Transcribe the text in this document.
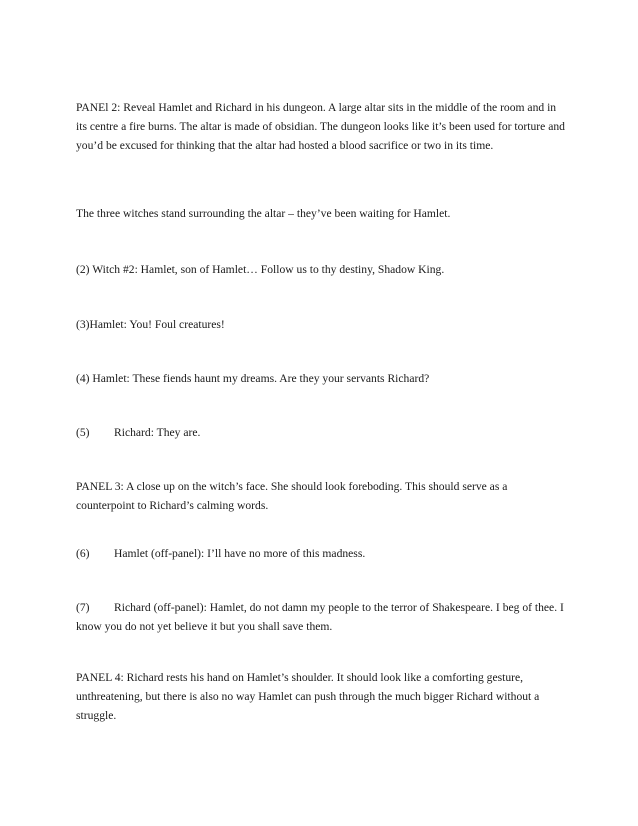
PANEl 2: Reveal Hamlet and Richard in his dungeon. A large altar sits in the middle of the room and in its centre a fire burns. The altar is made of obsidian. The dungeon looks like it’s been used for torture and you’d be excused for thinking that the altar had hosted a blood sacrifice or two in its time.

The three witches stand surrounding the altar – they’ve been waiting for Hamlet.

(2) Witch #2: Hamlet, son of Hamlet… Follow us to thy destiny, Shadow King.

(3)Hamlet: You! Foul creatures!

(4) Hamlet: These fiends haunt my dreams. Are they your servants Richard?

(5) Richard: They are.

PANEL 3: A close up on the witch’s face. She should look foreboding. This should serve as a counterpoint to Richard’s calming words.

(6) Hamlet (off-panel): I’ll have no more of this madness.

(7) Richard (off-panel): Hamlet, do not damn my people to the terror of Shakespeare. I beg of thee. I know you do not yet believe it but you shall save them.

PANEL 4: Richard rests his hand on Hamlet’s shoulder. It should look like a comforting gesture, unthreatening, but there is also no way Hamlet can push through the much bigger Richard without a struggle.
